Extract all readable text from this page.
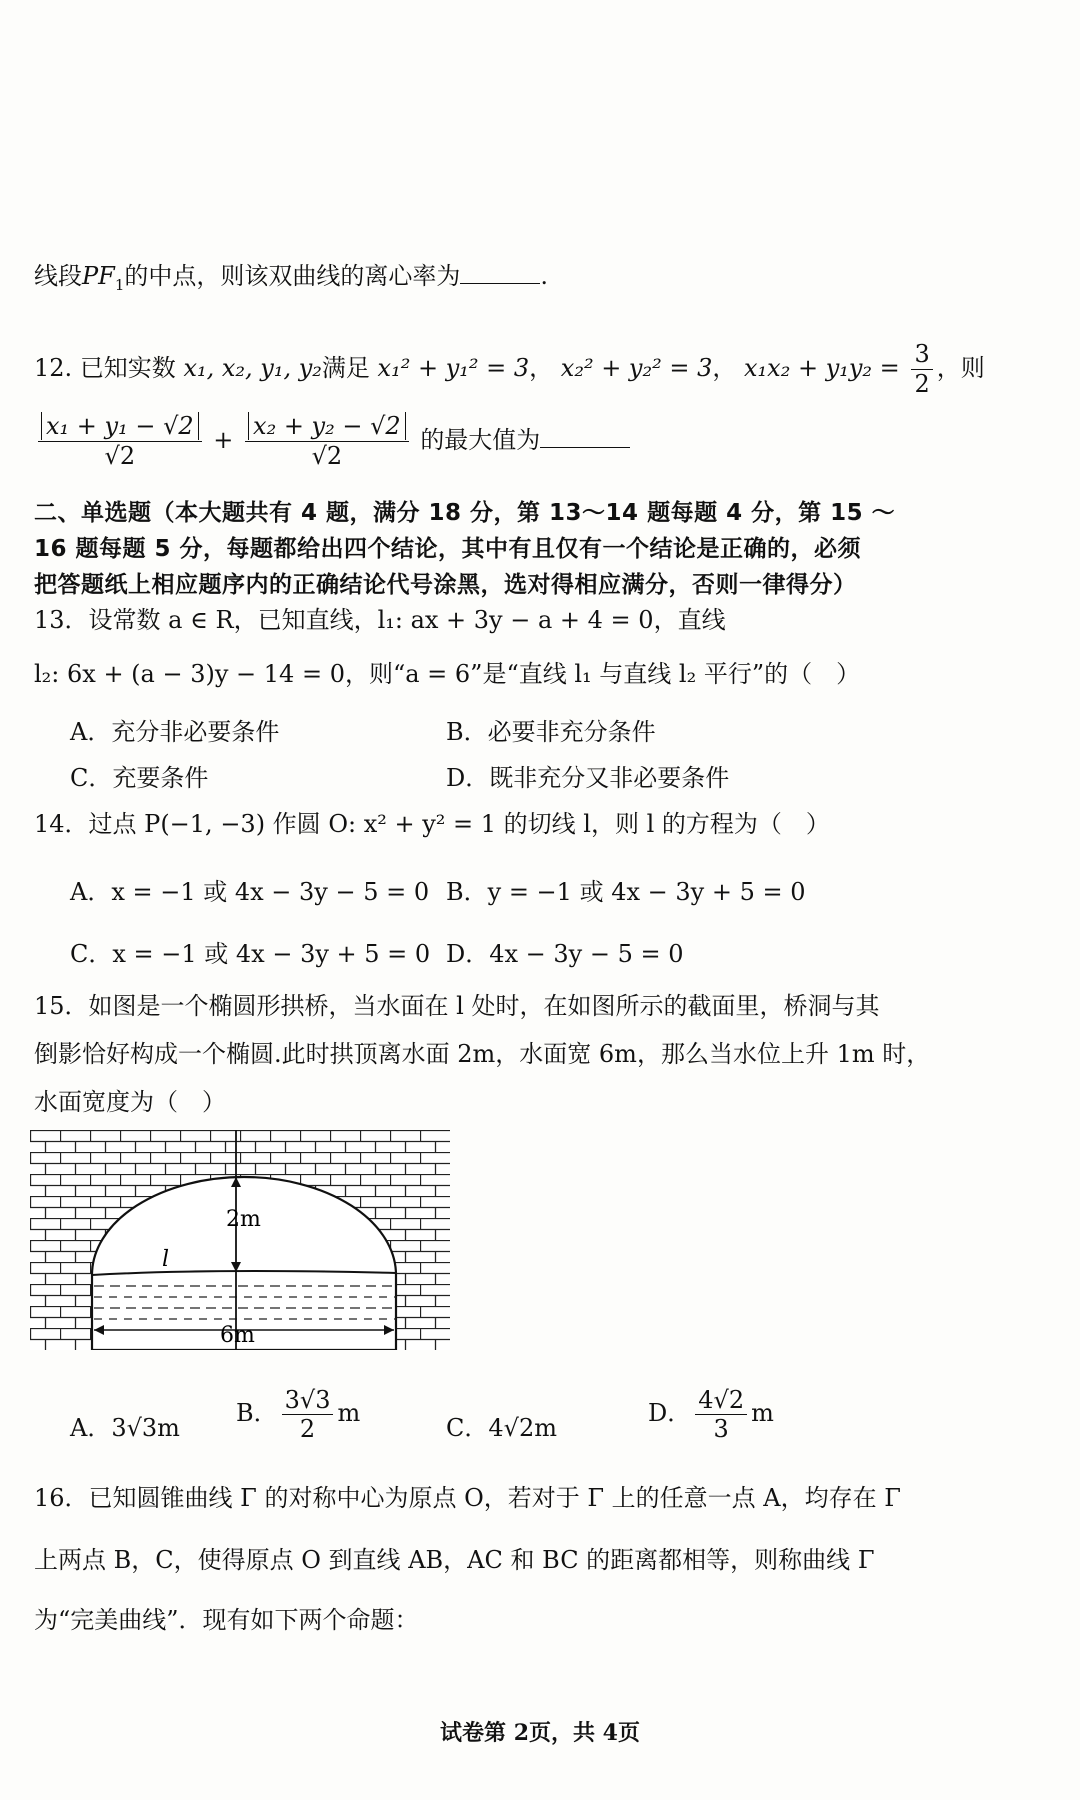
线段$PF_1$的中点，则该双曲线的离心率为	.
12. 已知实数 x₁, x₂, y₁, y₂满足 x₁² + y₁² = 3， x₂² + y₂² = 3， $x_1x_2 + y_1y_2 = \frac{3}{2}$ ，则
$\frac{\text{x₁ + y₁ − √2}}{√2} + \frac{\text{x₂ + y₂ − √2}}{√2}$ 的最大值为
二、单选题（本大题共有 4 题，满分 18 分，第 13～14 题每题 4 分，第 15 ～
16 题每题 5 分，每题都给出四个结论，其中有且仅有一个结论是正确的，必须
把答题纸上相应题序内的正确结论代号涂黑，选对得相应满分，否则一律得分）
13．设常数 a ∈ R，已知直线，l₁: ax + 3y − a + 4 = 0，直线
l₂: 6x + (a − 3)y − 14 = 0，则“a = 6”是“直线 l₁ 与直线 l₂ 平行”的（　）
A．充分非必要条件	B．必要非充分条件
C．充要条件	D．既非充分又非必要条件
14．过点 P(−1, −3) 作圆 O: x² + y² = 1 的切线 l，则 l 的方程为（　）
A．x = −1 或 4x − 3y − 5 = 0 B．y = −1 或 4x − 3y + 5 = 0
C．x = −1 或 4x − 3y + 5 = 0 D．4x − 3y − 5 = 0
15．如图是一个椭圆形拱桥，当水面在 l 处时，在如图所示的截面里，桥洞与其
倒影恰好构成一个椭圆.此时拱顶离水面 2m，水面宽 6m，那么当水位上升 1m 时，
水面宽度为（　）
2m
6m
l
A．3√3m
B． $\frac{3√3}{2}$ m
C．4√2m
D． $\frac{4√2}{3}$ m
16．已知圆锥曲线 Γ 的对称中心为原点 O，若对于 Γ 上的任意一点 A，均存在 Γ
上两点 B，C，使得原点 O 到直线 AB，AC 和 BC 的距离都相等，则称曲线 Γ
为“完美曲线”．现有如下两个命题：
试卷第 2页，共 4页
